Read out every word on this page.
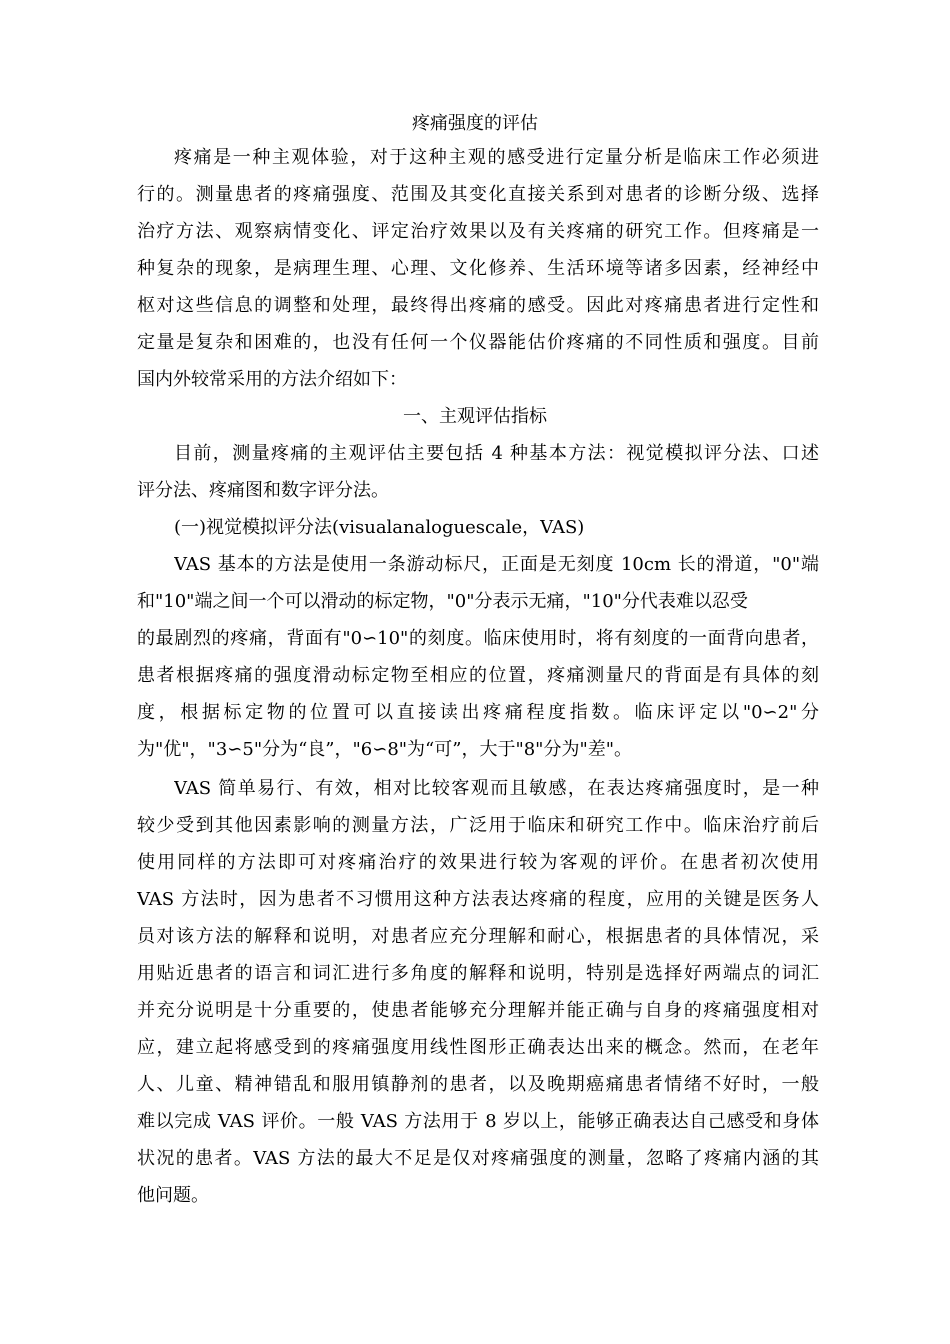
疼痛强度的评估
疼痛是一种主观体验，对于这种主观的感受进行定量分析是临床工作必须进
行的。测量患者的疼痛强度、范围及其变化直接关系到对患者的诊断分级、选择
治疗方法、观察病情变化、评定治疗效果以及有关疼痛的研究工作。但疼痛是一
种复杂的现象，是病理生理、心理、文化修养、生活环境等诸多因素，经神经中
枢对这些信息的调整和处理，最终得出疼痛的感受。因此对疼痛患者进行定性和
定量是复杂和困难的，也没有任何一个仪器能估价疼痛的不同性质和强度。目前
国内外较常采用的方法介绍如下：
一、主观评估指标
目前，测量疼痛的主观评估主要包括 4 种基本方法：视觉模拟评分法、口述
评分法、疼痛图和数字评分法。
(一)视觉模拟评分法(visualanaloguescale，VAS)
VAS 基本的方法是使用一条游动标尺，正面是无刻度 10cm 长的滑道，"0"端
和"10"端之间一个可以滑动的标定物，"0"分表示无痛，"10"分代表难以忍受
的最剧烈的疼痛，背面有"0∽10"的刻度。临床使用时，将有刻度的一面背向患者，
患者根据疼痛的强度滑动标定物至相应的位置，疼痛测量尺的背面是有具体的刻
度，根据标定物的位置可以直接读出疼痛程度指数。临床评定以"0∽2"分
为"优"，"3∽5"分为“良”，"6∽8"为“可”，大于"8"分为"差"。
VAS 简单易行、有效，相对比较客观而且敏感，在表达疼痛强度时，是一种
较少受到其他因素影响的测量方法，广泛用于临床和研究工作中。临床治疗前后
使用同样的方法即可对疼痛治疗的效果进行较为客观的评价。在患者初次使用
VAS 方法时，因为患者不习惯用这种方法表达疼痛的程度，应用的关键是医务人
员对该方法的解释和说明，对患者应充分理解和耐心，根据患者的具体情况，采
用贴近患者的语言和词汇进行多角度的解释和说明，特别是选择好两端点的词汇
并充分说明是十分重要的，使患者能够充分理解并能正确与自身的疼痛强度相对
应，建立起将感受到的疼痛强度用线性图形正确表达出来的概念。然而，在老年
人、儿童、精神错乱和服用镇静剂的患者，以及晚期癌痛患者情绪不好时，一般
难以完成 VAS 评价。一般 VAS 方法用于 8 岁以上，能够正确表达自己感受和身体
状况的患者。VAS 方法的最大不足是仅对疼痛强度的测量，忽略了疼痛内涵的其
他问题。
